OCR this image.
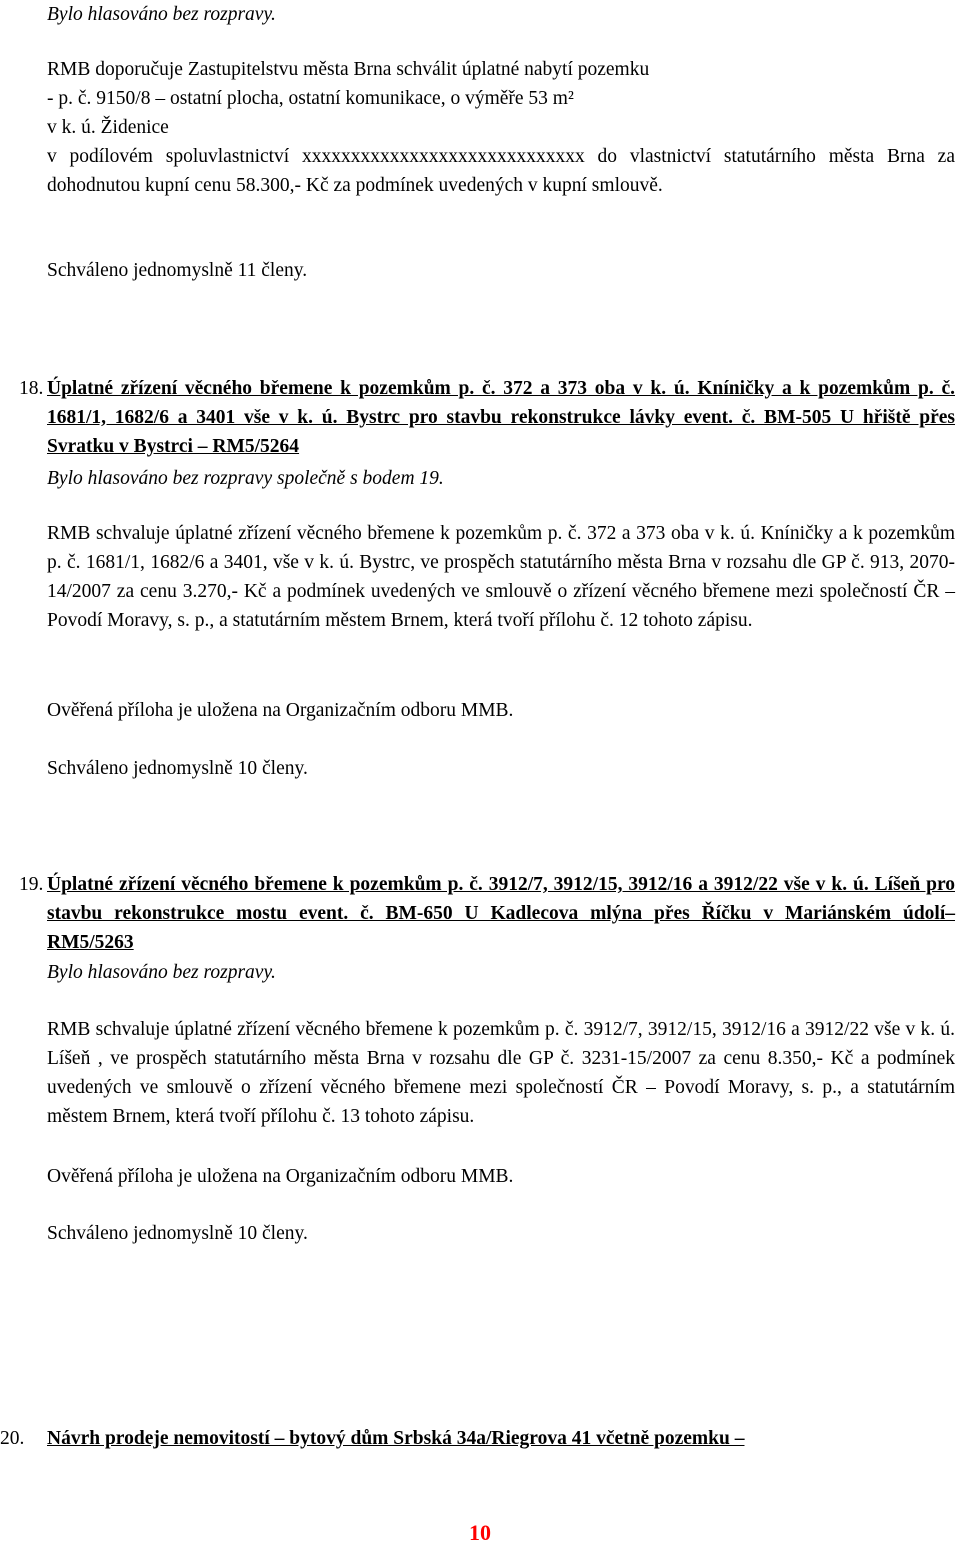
Bylo hlasováno bez rozpravy.
RMB doporučuje Zastupitelstvu města Brna schválit úplatné nabytí pozemku
- p. č. 9150/8 – ostatní plocha, ostatní komunikace, o výměře 53 m²
v k. ú. Židenice
v podílovém spoluvlastnictví xxxxxxxxxxxxxxxxxxxxxxxxxxxxx do vlastnictví statutárního města Brna za dohodnutou kupní cenu 58.300,- Kč za podmínek uvedených v kupní smlouvě.
Schváleno jednomyslně 11 členy.
18. Úplatné zřízení věcného břemene k pozemkům p. č. 372 a 373 oba v k. ú. Kníničky a k pozemkům p. č. 1681/1, 1682/6 a 3401 vše v k. ú. Bystrc pro stavbu rekonstrukce lávky event. č. BM-505 U hřiště přes Svratku v Bystrci – RM5/5264
Bylo hlasováno bez rozpravy společně s bodem 19.
RMB schvaluje úplatné zřízení věcného břemene k pozemkům p. č. 372 a 373 oba v k. ú. Kníničky a k pozemkům p. č. 1681/1, 1682/6 a 3401, vše v k. ú. Bystrc, ve prospěch statutárního města Brna v rozsahu dle GP č. 913, 2070-14/2007 za cenu 3.270,- Kč a podmínek uvedených ve smlouvě o zřízení věcného břemene mezi společností ČR – Povodí Moravy, s. p., a statutárním městem Brnem, která tvoří přílohu č. 12 tohoto zápisu.
Ověřená příloha je uložena na Organizačním odboru MMB.
Schváleno jednomyslně 10 členy.
19. Úplatné zřízení věcného břemene k pozemkům p. č. 3912/7, 3912/15, 3912/16 a 3912/22 vše v k. ú. Líšeň pro stavbu rekonstrukce mostu event. č. BM-650 U Kadlecova mlýna přes Říčku v Mariánském údolí– RM5/5263
Bylo hlasováno bez rozpravy.
RMB schvaluje úplatné zřízení věcného břemene k pozemkům p. č. 3912/7, 3912/15, 3912/16 a 3912/22 vše v k. ú. Líšeň , ve prospěch statutárního města Brna v rozsahu dle GP č. 3231-15/2007 za cenu 8.350,- Kč a podmínek uvedených ve smlouvě o zřízení věcného břemene mezi společností ČR – Povodí Moravy, s. p., a statutárním městem Brnem, která tvoří přílohu č. 13 tohoto zápisu.
Ověřená příloha je uložena na Organizačním odboru MMB.
Schváleno jednomyslně 10 členy.
20. Návrh prodeje nemovitostí – bytový dům Srbská 34a/Riegrova 41 včetně pozemku –
10
